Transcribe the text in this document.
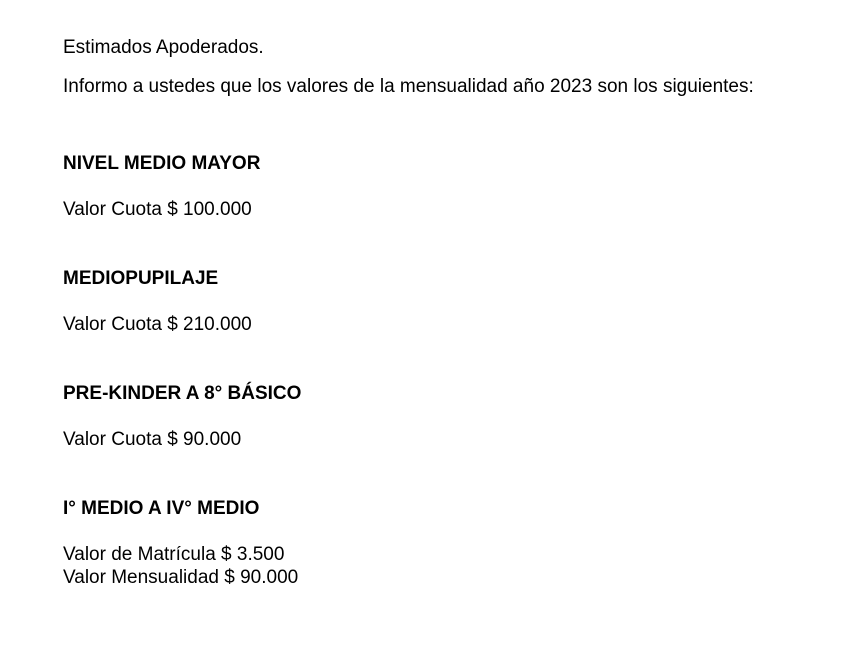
Estimados Apoderados.
Informo a ustedes que los valores de la mensualidad año 2023 son los siguientes:
NIVEL MEDIO MAYOR
Valor Cuota $ 100.000
MEDIOPUPILAJE
Valor Cuota $ 210.000
PRE-KINDER A 8° BÁSICO
Valor Cuota $ 90.000
I° MEDIO A IV° MEDIO
Valor de Matrícula $ 3.500
Valor Mensualidad $ 90.000
